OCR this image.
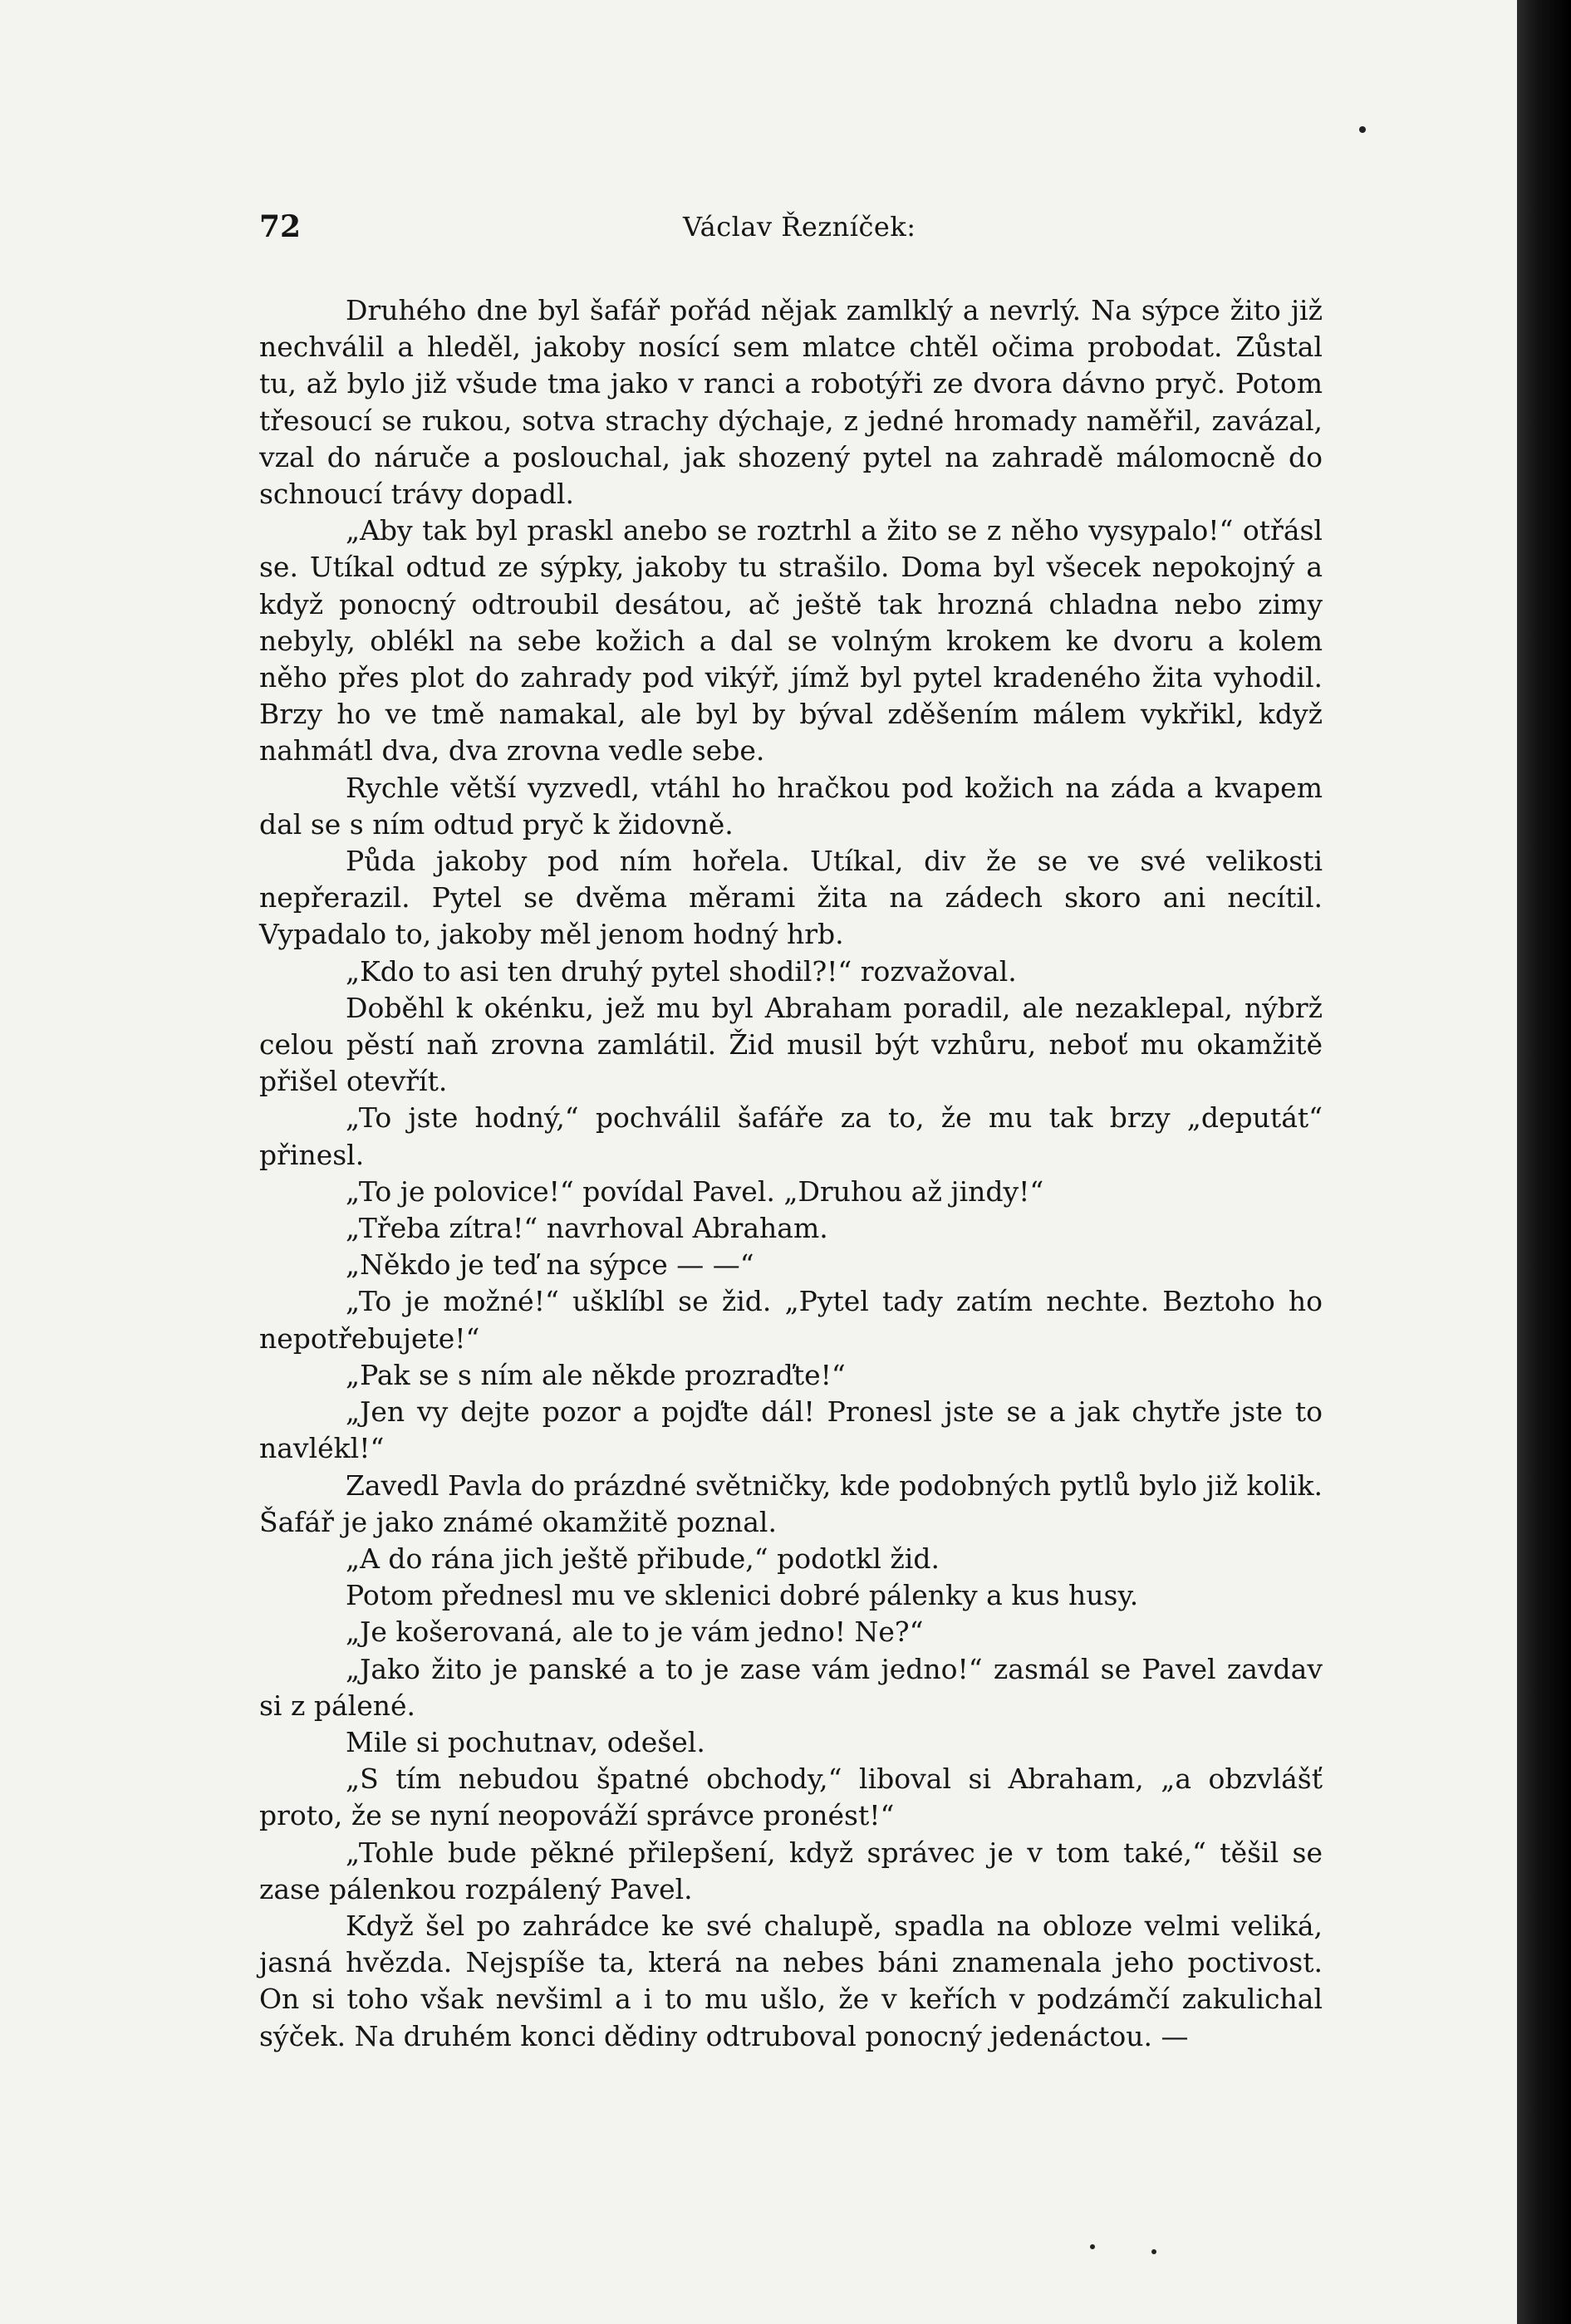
72	Václav Řezníček:

Druhého dne byl šafář pořád nějak zamlklý a nevrlý. Na sýpce žito již nechválil a hleděl, jakoby nosící sem mlatce chtěl očima probodat. Zůstal tu, až bylo již všude tma jako v ranci a robotýři ze dvora dávno pryč. Potom třesoucí se rukou, sotva strachy dýchaje, z jedné hromady naměřil, zavázal, vzal do náruče a poslouchal, jak shozený pytel na zahradě málomocně do schnoucí trávy dopadl.

„Aby tak byl praskl anebo se roztrhl a žito se z něho vysypalo!“ otřásl se. Utíkal odtud ze sýpky, jakoby tu strašilo. Doma byl všecek nepokojný a když ponocný odtroubil desátou, ač ještě tak hrozná chladna nebo zimy nebyly, oblékl na sebe kožich a dal se volným krokem ke dvoru a kolem něho přes plot do zahrady pod vikýř, jímž byl pytel kradeného žita vyhodil. Brzy ho ve tmě namakal, ale byl by býval zděšením málem vykřikl, když nahmátl dva, dva zrovna vedle sebe.

Rychle větší vyzvedl, vtáhl ho hračkou pod kožich na záda a kvapem dal se s ním odtud pryč k židovně.

Půda jakoby pod ním hořela. Utíkal, div že se ve své velikosti nepřerazil. Pytel se dvěma měrami žita na zádech skoro ani necítil. Vypadalo to, jakoby měl jenom hodný hrb.

„Kdo to asi ten druhý pytel shodil?!“ rozvažoval.

Doběhl k okénku, jež mu byl Abraham poradil, ale nezaklepal, nýbrž celou pěstí naň zrovna zamlátil. Žid musil být vzhůru, neboť mu okamžitě přišel otevřít.

„To jste hodný,“ pochválil šafáře za to, že mu tak brzy „deputát“ přinesl.

„To je polovice!“ povídal Pavel. „Druhou až jindy!“

„Třeba zítra!“ navrhoval Abraham.

„Někdo je teď na sýpce — —“

„To je možné!“ ušklíbl se žid. „Pytel tady zatím nechte. Beztoho ho nepotřebujete!“

„Pak se s ním ale někde prozraďte!“

„Jen vy dejte pozor a pojďte dál! Pronesl jste se a jak chytře jste to navlékl!“

Zavedl Pavla do prázdné světničky, kde podobných pytlů bylo již kolik. Šafář je jako známé okamžitě poznal.

„A do rána jich ještě přibude,“ podotkl žid.

Potom přednesl mu ve sklenici dobré pálenky a kus husy.

„Je košerovaná, ale to je vám jedno! Ne?“

„Jako žito je panské a to je zase vám jedno!“ zasmál se Pavel zavdav si z pálené.

Mile si pochutnav, odešel.

„S tím nebudou špatné obchody,“ liboval si Abraham, „a obzvlášť proto, že se nyní neopováží správce pronést!“

„Tohle bude pěkné přilepšení, když správec je v tom také,“ těšil se zase pálenkou rozpálený Pavel.

Když šel po zahrádce ke své chalupě, spadla na obloze velmi veliká, jasná hvězda. Nejspíše ta, která na nebes báni znamenala jeho poctivost. On si toho však nevšiml a i to mu ušlo, že v keřích v podzámčí zakulichal sýček. Na druhém konci dědiny odtruboval ponocný jedenáctou. —
